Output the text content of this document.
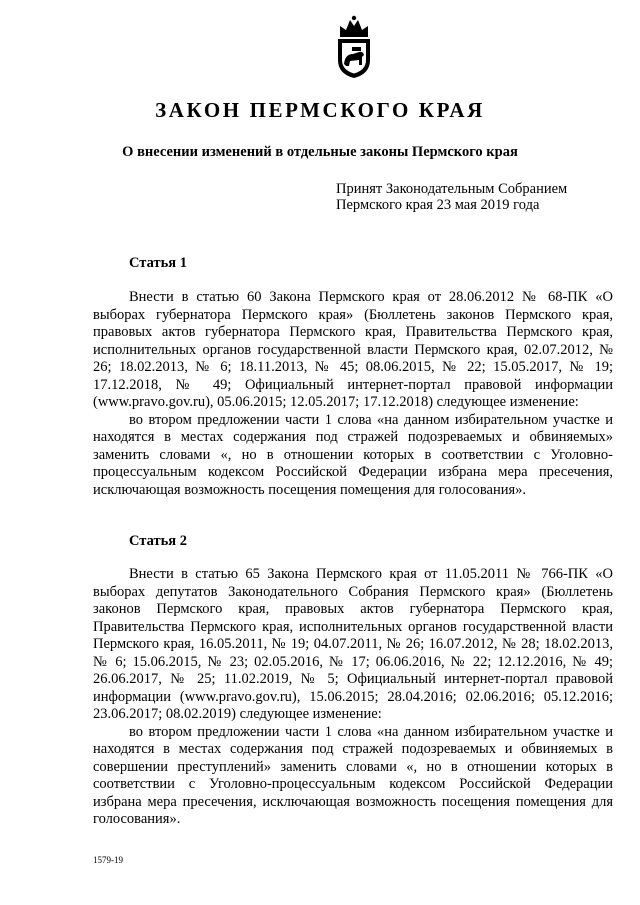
ЗАКОН ПЕРМСКОГО КРАЯ
О внесении изменений в отдельные законы Пермского края
Принят Законодательным Собранием
Пермского края 23 мая 2019 года
Статья 1

Внести в статью 60 Закона Пермского края от 28.06.2012 № 68-ПК «О выборах губернатора Пермского края» (Бюллетень законов Пермского края, правовых актов губернатора Пермского края, Правительства Пермского края, исполнительных органов государственной власти Пермского края, 02.07.2012, № 26; 18.02.2013, № 6; 18.11.2013, № 45; 08.06.2015, № 22; 15.05.2017, № 19; 17.12.2018, № 49; Официальный интернет-портал правовой информации (www.pravo.gov.ru), 05.06.2015; 12.05.2017; 17.12.2018) следующее изменение:

во втором предложении части 1 слова «на данном избирательном участке и находятся в местах содержания под стражей подозреваемых и обвиняемых» заменить словами «, но в отношении которых в соответствии с Уголовно-процессуальным кодексом Российской Федерации избрана мера пресечения, исключающая возможность посещения помещения для голосования».

Статья 2

Внести в статью 65 Закона Пермского края от 11.05.2011 № 766-ПК «О выборах депутатов Законодательного Собрания Пермского края» (Бюллетень законов Пермского края, правовых актов губернатора Пермского края, Правительства Пермского края, исполнительных органов государственной власти Пермского края, 16.05.2011, № 19; 04.07.2011, № 26; 16.07.2012, № 28; 18.02.2013, № 6; 15.06.2015, № 23; 02.05.2016, № 17; 06.06.2016, № 22; 12.12.2016, № 49; 26.06.2017, № 25; 11.02.2019, № 5; Официальный интернет-портал правовой информации (www.pravo.gov.ru), 15.06.2015; 28.04.2016; 02.06.2016; 05.12.2016; 23.06.2017; 08.02.2019) следующее изменение:

во втором предложении части 1 слова «на данном избирательном участке и находятся в местах содержания под стражей подозреваемых и обвиняемых в совершении преступлений» заменить словами «, но в отношении которых в соответствии с Уголовно-процессуальным кодексом Российской Федерации избрана мера пресечения, исключающая возможность посещения помещения для голосования».

1579-19
